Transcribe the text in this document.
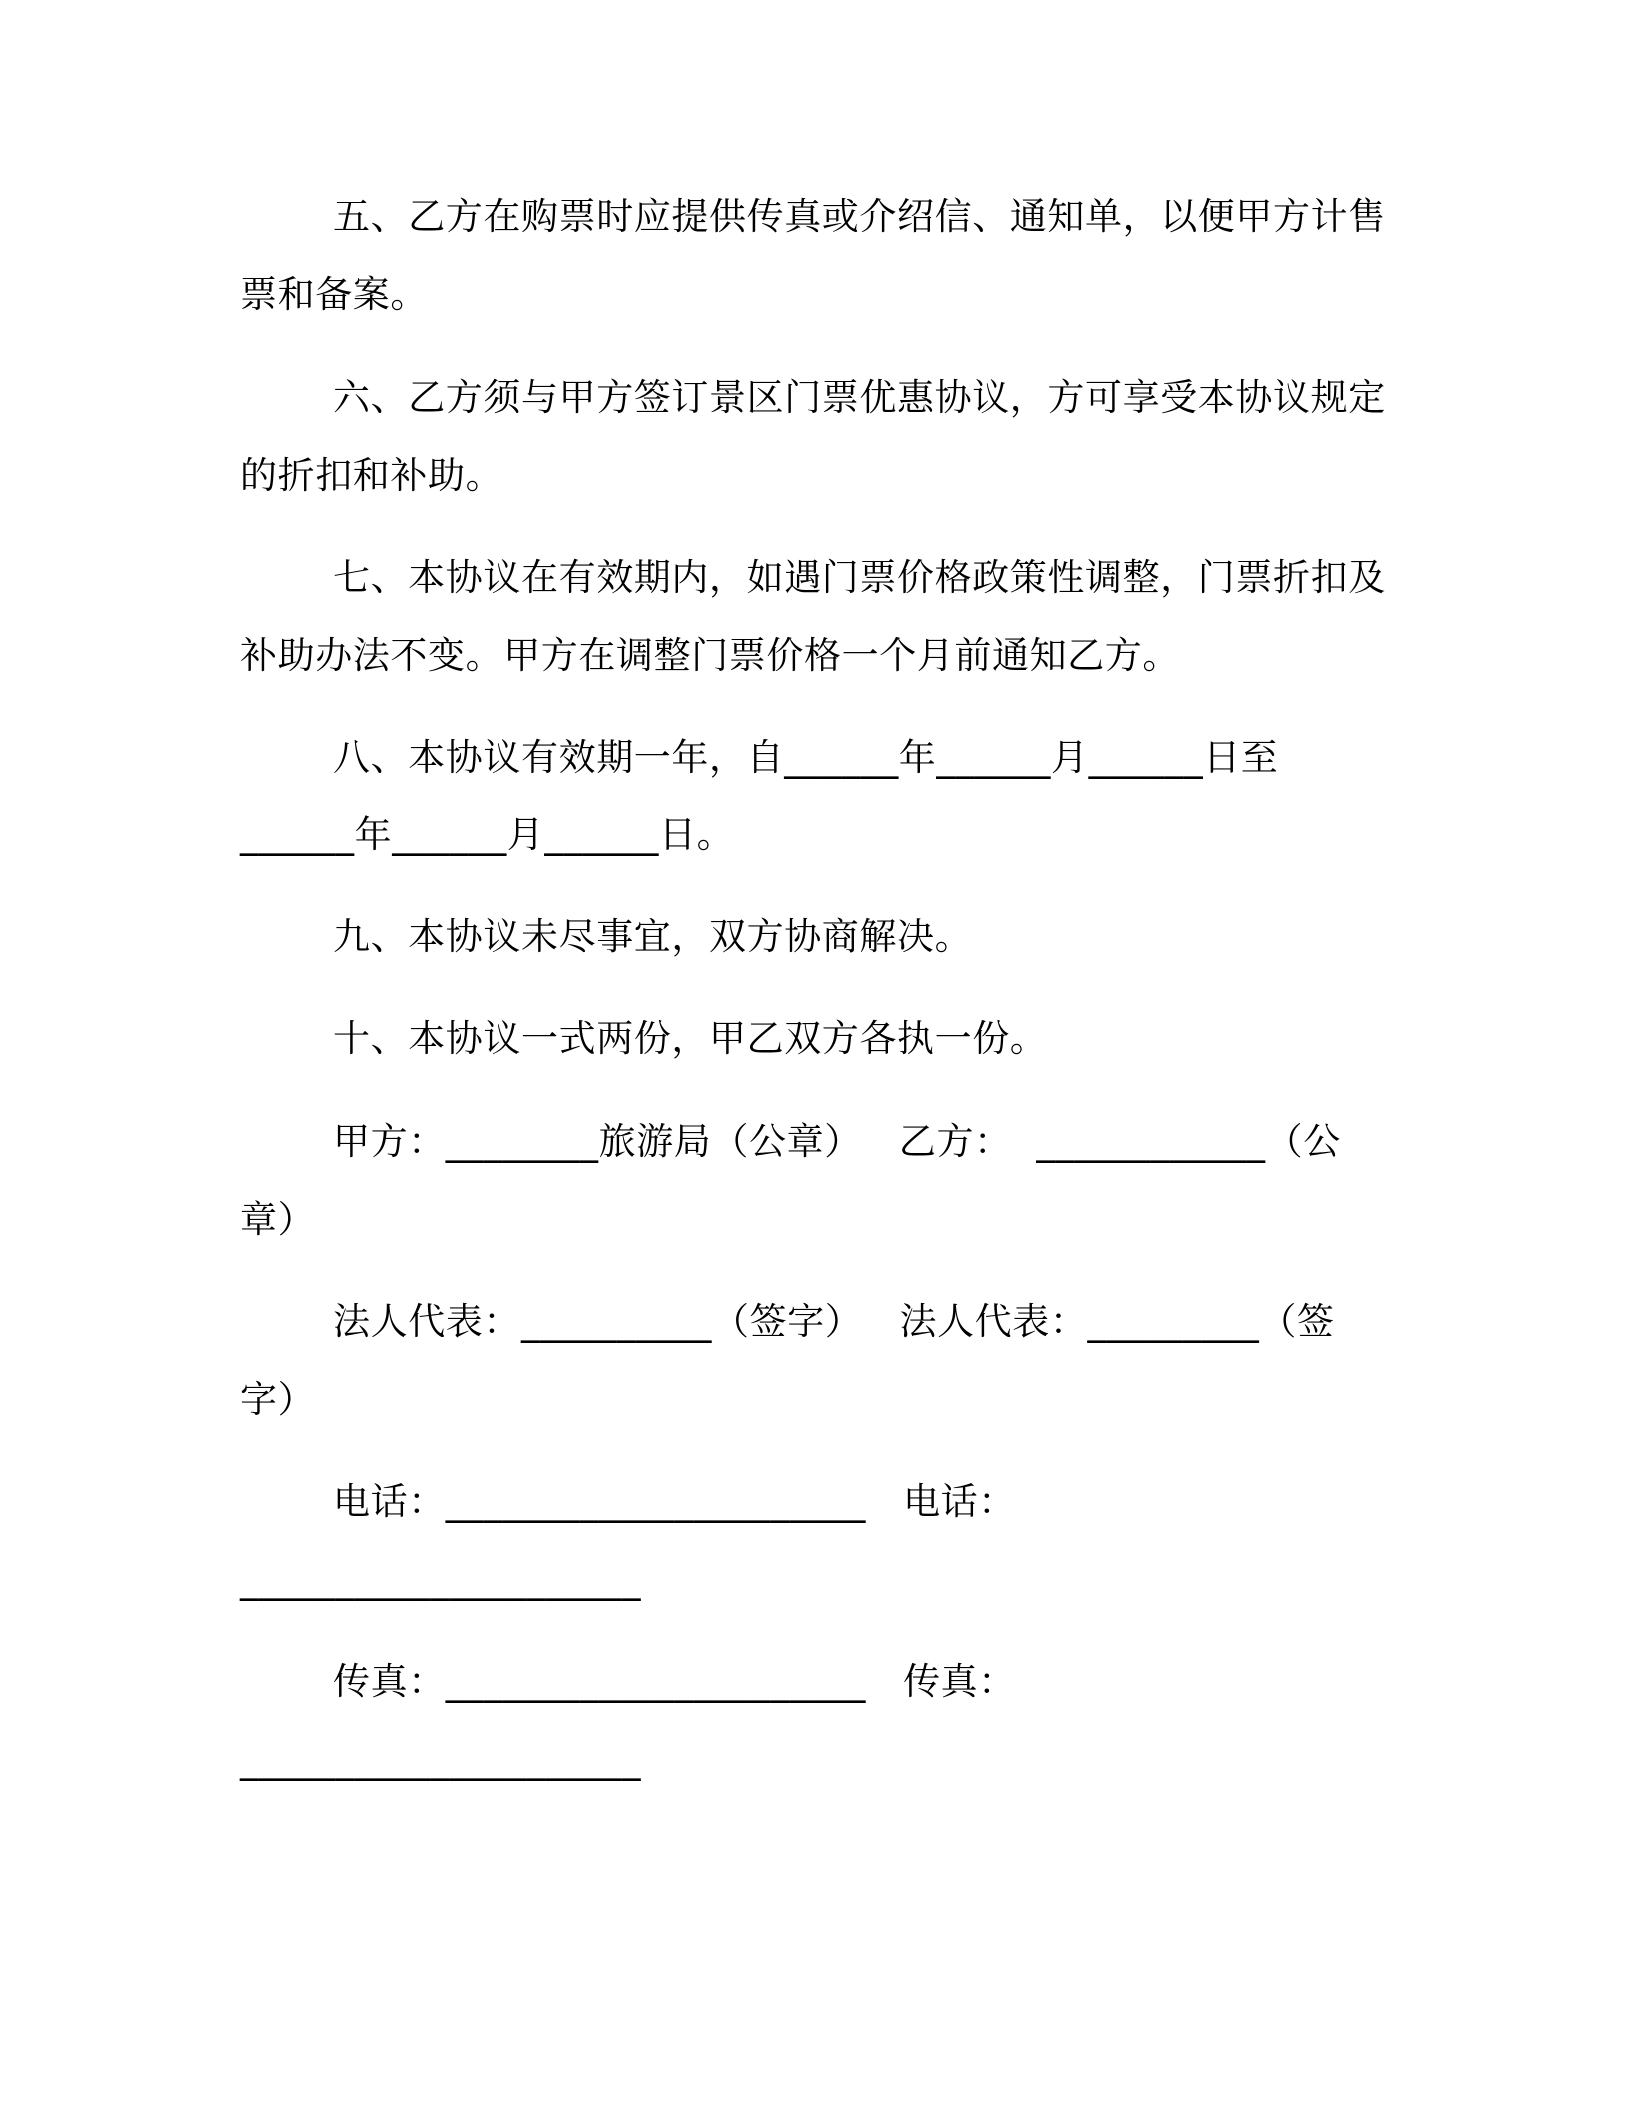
五、乙方在购票时应提供传真或介绍信、通知单，以便甲方计售

票和备案。

六、乙方须与甲方签订景区门票优惠协议，方可享受本协议规定

的折扣和补助。

七、本协议在有效期内，如遇门票价格政策性调整，门票折扣及

补助办法不变。甲方在调整门票价格一个月前通知乙方。

八、本协议有效期一年，自______年______月______日至

______年______月______日。

九、本协议未尽事宜，双方协商解决。

十、本协议一式两份，甲乙双方各执一份。

甲方：________旅游局（公章）   乙方：  ____________（公

章）

法人代表：__________（签字）   法人代表：_________（签

字）

电话：______________________   电话：

_____________________

传真：______________________   传真：

_____________________
